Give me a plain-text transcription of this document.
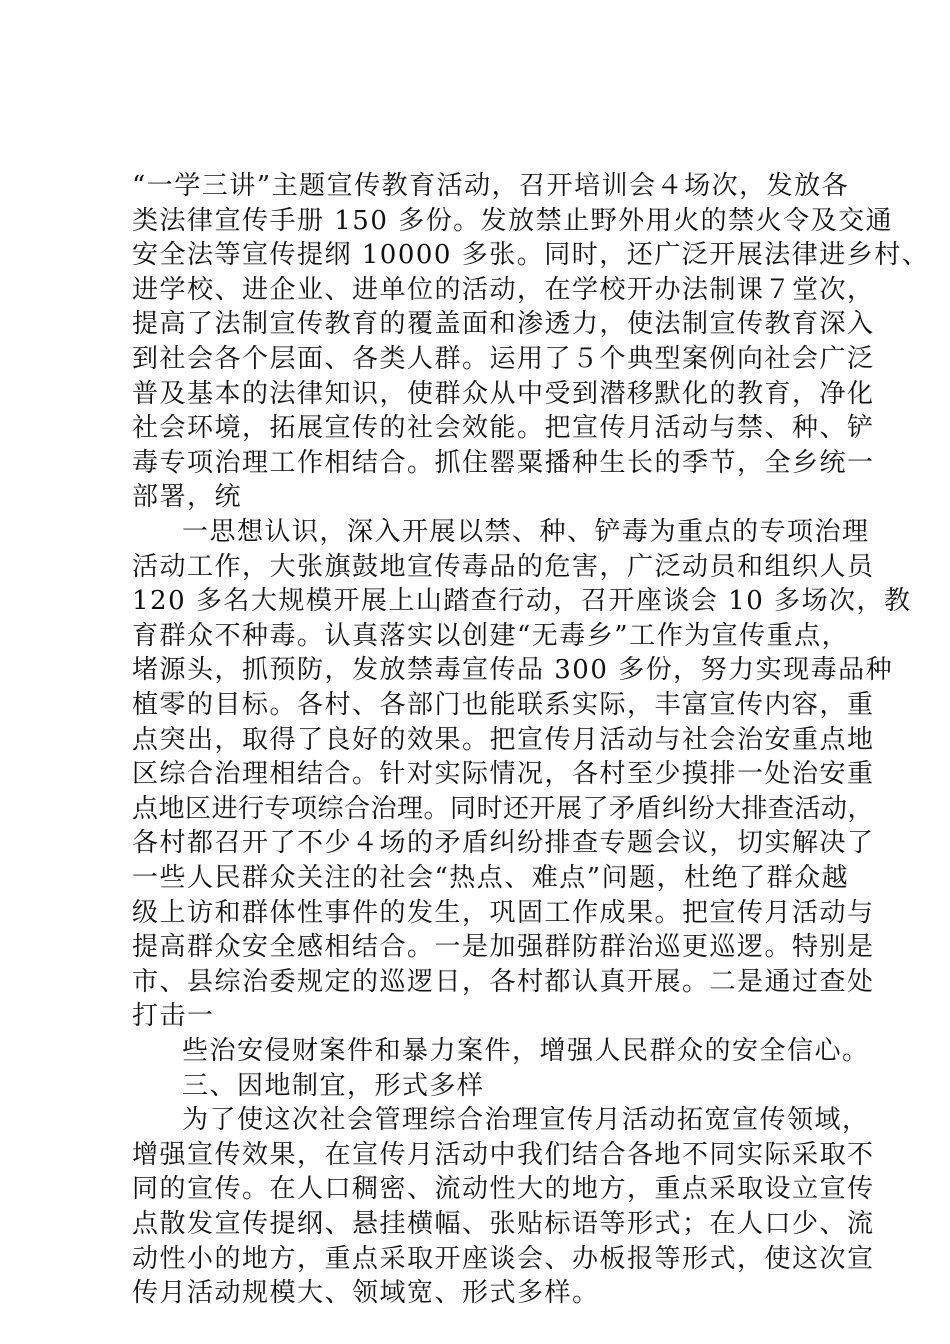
“一学三讲”主题宣传教育活动，召开培训会４场次，发放各
类法律宣传手册 150 多份。发放禁止野外用火的禁火令及交通
安全法等宣传提纲 10000 多张。同时，还广泛开展法律进乡村、
进学校、进企业、进单位的活动，在学校开办法制课７堂次，
提高了法制宣传教育的覆盖面和渗透力，使法制宣传教育深入
到社会各个层面、各类人群。运用了５个典型案例向社会广泛
普及基本的法律知识，使群众从中受到潜移默化的教育，净化
社会环境，拓展宣传的社会效能。把宣传月活动与禁、种、铲
毒专项治理工作相结合。抓住罂粟播种生长的季节，全乡统一
部署，统
一思想认识，深入开展以禁、种、铲毒为重点的专项治理
活动工作，大张旗鼓地宣传毒品的危害，广泛动员和组织人员
120 多名大规模开展上山踏查行动，召开座谈会 10 多场次，教
育群众不种毒。认真落实以创建“无毒乡”工作为宣传重点，
堵源头，抓预防，发放禁毒宣传品 300 多份，努力实现毒品种
植零的目标。各村、各部门也能联系实际，丰富宣传内容，重
点突出，取得了良好的效果。把宣传月活动与社会治安重点地
区综合治理相结合。针对实际情况，各村至少摸排一处治安重
点地区进行专项综合治理。同时还开展了矛盾纠纷大排查活动，
各村都召开了不少４场的矛盾纠纷排查专题会议，切实解决了
一些人民群众关注的社会“热点、难点”问题，杜绝了群众越
级上访和群体性事件的发生，巩固工作成果。把宣传月活动与
提高群众安全感相结合。一是加强群防群治巡更巡逻。特别是
市、县综治委规定的巡逻日，各村都认真开展。二是通过查处
打击一
些治安侵财案件和暴力案件，增强人民群众的安全信心。
三、因地制宜，形式多样
为了使这次社会管理综合治理宣传月活动拓宽宣传领域，
增强宣传效果，在宣传月活动中我们结合各地不同实际采取不
同的宣传。在人口稠密、流动性大的地方，重点采取设立宣传
点散发宣传提纲、悬挂横幅、张贴标语等形式；在人口少、流
动性小的地方，重点采取开座谈会、办板报等形式，使这次宣
传月活动规模大、领域宽、形式多样。
